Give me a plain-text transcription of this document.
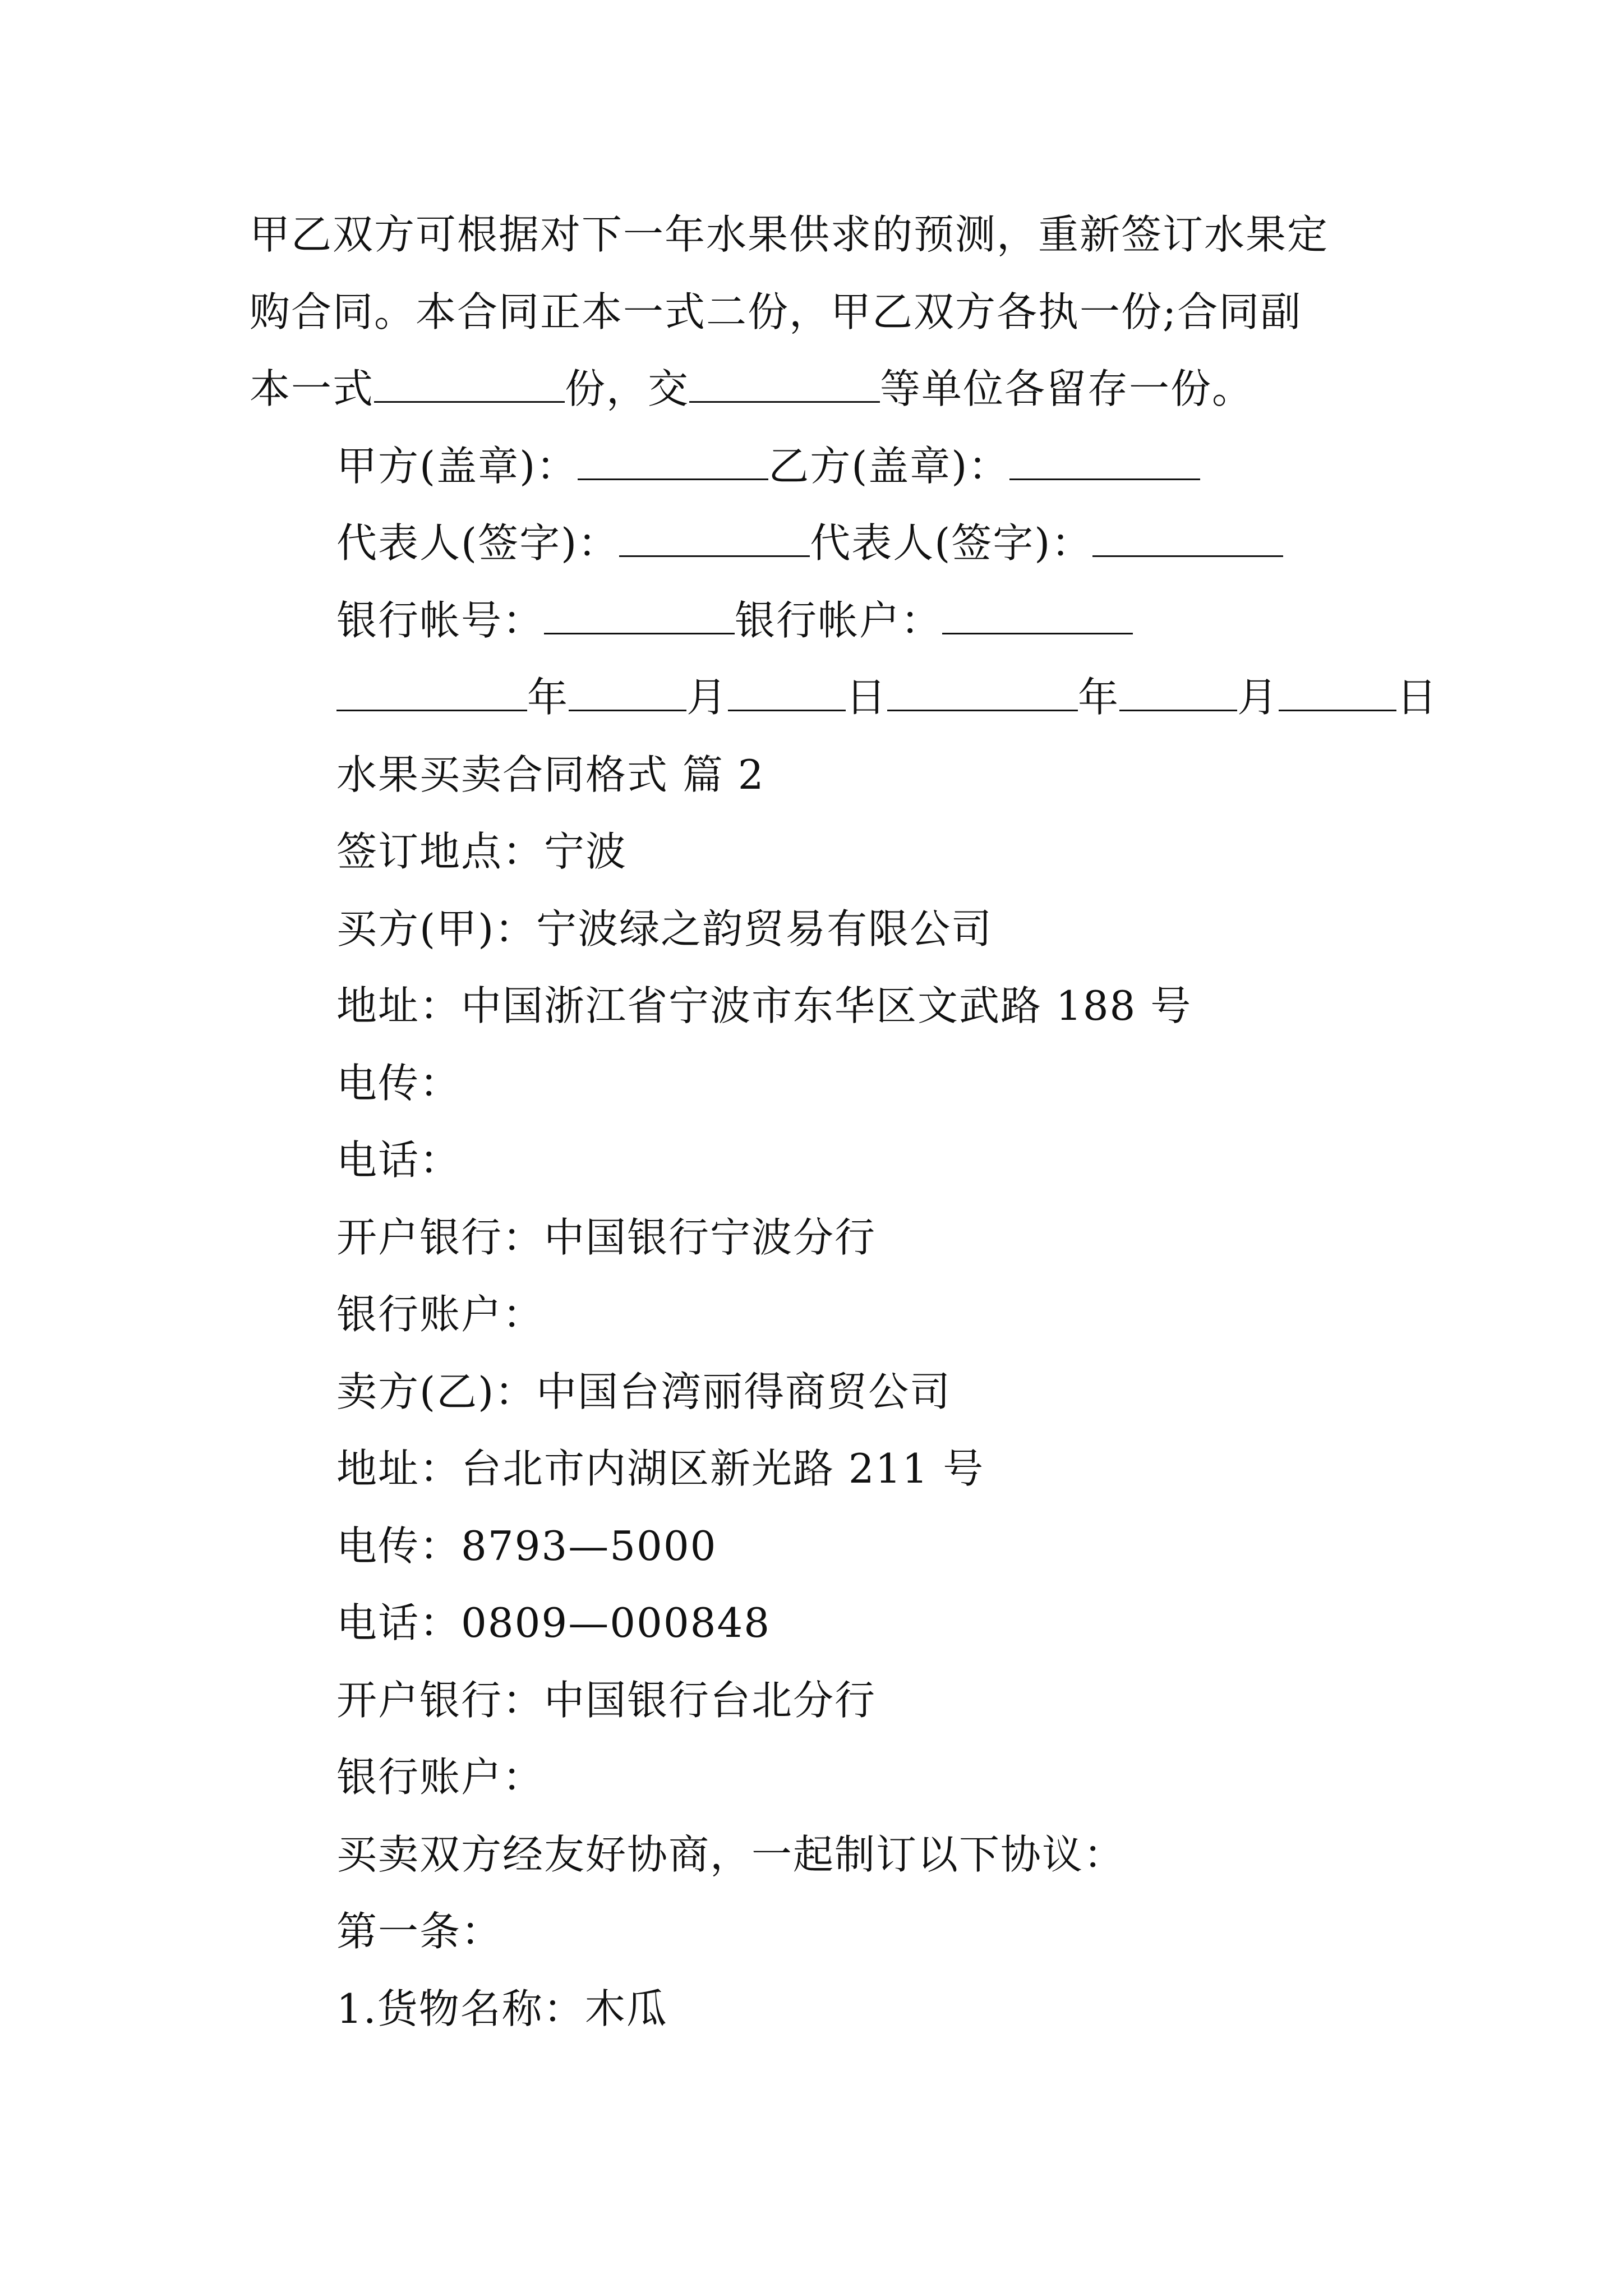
甲乙双方可根据对下一年水果供求的预测，重新签订水果定
购合同。本合同正本一式二份，甲乙双方各执一份;合同副
本一式	份，交	等单位各留存一份。
甲方(盖章)：	乙方(盖章)：
代表人(签字)：	代表人(签字)：
银行帐号：	银行帐户：
年	月	日	年	月	日
水果买卖合同格式 篇 2
签订地点：宁波
买方(甲)：宁波绿之韵贸易有限公司
地址：中国浙江省宁波市东华区文武路 188 号
电传：
电话：
开户银行：中国银行宁波分行
银行账户：
卖方(乙)：中国台湾丽得商贸公司
地址：台北市内湖区新光路 211 号
电传：8793—5000
电话：0809—000848
开户银行：中国银行台北分行
银行账户：
买卖双方经友好协商，一起制订以下协议：
第一条：
1.货物名称：木瓜
